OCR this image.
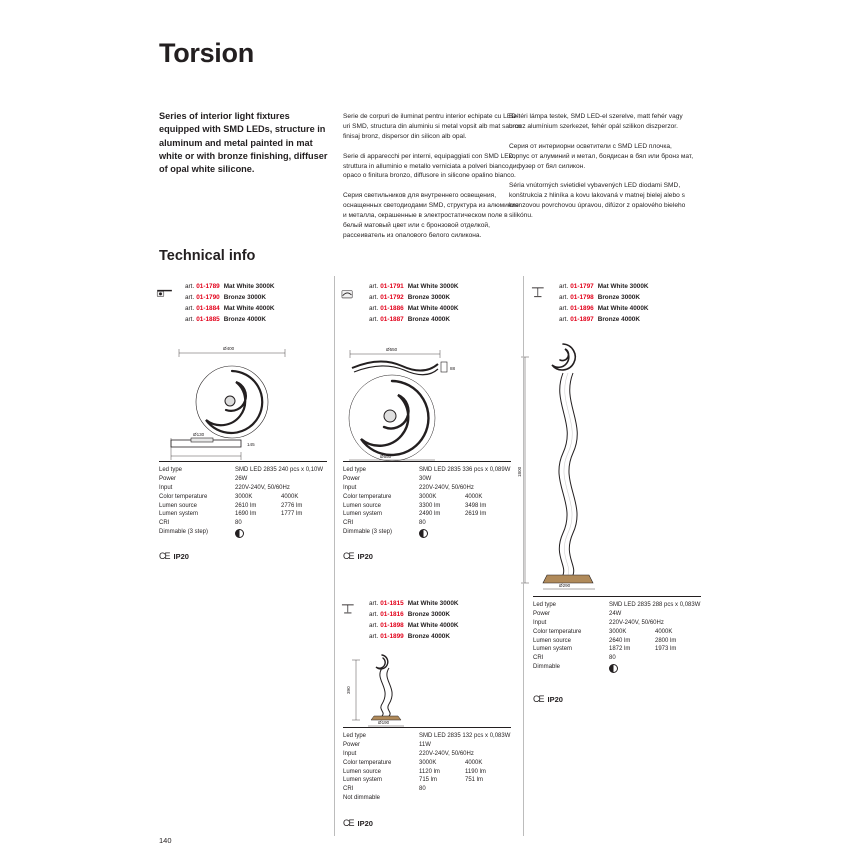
Torsion
Series of interior light fixtures equipped with SMD LEDs, structure in aluminum and metal painted in mat white or with bronze finishing, diffuser of opal white silicone.

Serie de corpuri de iluminat pentru interior echipate cu LED-uri SMD, structura din aluminiu si metal vopsit alb mat sau cu finisaj bronz, dispersor din silicon alb opal.

Serie di apparecchi per interni, equipaggiati con SMD LED, struttura in alluminio e metallo verniciata a polveri bianco opaco o finitura bronzo, diffusore in silicone opalino bianco.

Серия светильников для внутреннего освещения, оснащенных светодиодами SMD, структура из алюминия и металла, окрашенные в электростатическом поле в белый матовый цвет или с бронзовой отделкой, рассеиватель из опалового белого силикона.

Beltéri lámpa testek, SMD LED-el szerelve, matt fehér vagy bronz alumínium szerkezet, fehér opál szilikon diszperzor.

Серия от интериорни осветители с SMD LED плочка, корпус от алуминий и метал, боядисан в бял или бронз мат, дифузер от бял силикон.

Séria vnútorných svietidiel vybavených LED diodami SMD, konštrukcia z hliníka a kovu lakovaná v matnej bielej alebo s bronzovou povrchovou úpravou, difúzor z opalového bieleho silikónu.

Technical info
art. 01-1789 Mat White 3000K
art. 01-1790 Bronze 3000K
art. 01-1884 Mat White 4000K
art. 01-1885 Bronze 4000K
Ø400
Ø130
145
Led type	SMD LED 2835 240 pcs x 0,10W	
Power	26W	
Input	220V-240V, 50/60Hz	
Color temperature	3000K	4000K
Lumen source	2610 lm	2776 lm
Lumen system	1690 lm	1777 lm
CRI	80	
Dimmable (3 step)		
CE IP20
art. 01-1791 Mat White 3000K
art. 01-1792 Bronze 3000K
art. 01-1886 Mat White 4000K
art. 01-1887 Bronze 4000K
Ø550
88
Ø550
Led type	SMD LED 2835 336 pcs x 0,089W	
Power	30W	
Input	220V-240V, 50/60Hz	
Color temperature	3000K	4000K
Lumen source	3300 lm	3498 lm
Lumen system	2490 lm	2619 lm
CRI	80	
Dimmable (3 step)		
CE IP20
art. 01-1797 Mat White 3000K
art. 01-1798 Bronze 3000K
art. 01-1896 Mat White 4000K
art. 01-1897 Bronze 4000K
1800
Ø290
Led type	SMD LED 2835 288 pcs x 0,083W	
Power	24W	
Input	220V-240V, 50/60Hz	
Color temperature	3000K	4000K
Lumen source	2640 lm	2800 lm
Lumen system	1872 lm	1973 lm
CRI	80	
Dimmable		
CE IP20
art. 01-1815 Mat White 3000K
art. 01-1816 Bronze 3000K
art. 01-1898 Mat White 4000K
art. 01-1899 Bronze 4000K
390
Ø190
Led type	SMD LED 2835 132 pcs x 0,083W	
Power	11W	
Input	220V-240V, 50/60Hz	
Color temperature	3000K	4000K
Lumen source	1120 lm	1190 lm
Lumen system	715 lm	751 lm
CRI	80	
Not dimmable		
CE IP20
140
